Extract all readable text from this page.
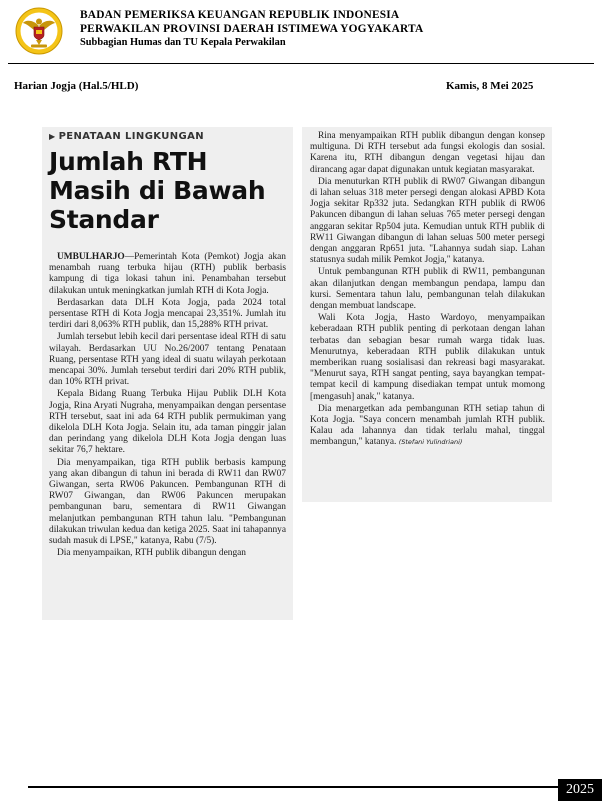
BADAN PEMERIKSA KEUANGAN REPUBLIK INDONESIA
PERWAKILAN PROVINSI DAERAH ISTIMEWA YOGYAKARTA
Subbagian Humas dan TU Kepala Perwakilan
Harian Jogja (Hal.5/HLD)	Kamis, 8 Mei 2025
▶ PENATAAN LINGKUNGAN
Jumlah RTH
Masih di Bawah
Standar

UMBULHARJO—Pemerintah Kota (Pemkot) Jogja akan menambah ruang terbuka hijau (RTH) publik berbasis kampung di tiga lokasi tahun ini. Penambahan tersebut dilakukan untuk meningkatkan jumlah RTH di Kota Jogja.

Berdasarkan data DLH Kota Jogja, pada 2024 total persentase RTH di Kota Jogja mencapai 23,351%. Jumlah itu terdiri dari 8,063% RTH publik, dan 15,288% RTH privat.

Jumlah tersebut lebih kecil dari persentase ideal RTH di satu wilayah. Berdasarkan UU No.26/2007 tentang Penataan Ruang, persentase RTH yang ideal di suatu wilayah perkotaan mencapai 30%. Jumlah tersebut terdiri dari 20% RTH publik, dan 10% RTH privat.

Kepala Bidang Ruang Terbuka Hijau Publik DLH Kota Jogja, Rina Aryati Nugraha, menyampaikan dengan persentase RTH tersebut, saat ini ada 64 RTH publik permukiman yang dikelola DLH Kota Jogja. Selain itu, ada taman pinggir jalan dan perindang yang dikelola DLH Kota Jogja dengan luas sekitar 76,7 hektare.

Dia menyampaikan, tiga RTH publik berbasis kampung yang akan dibangun di tahun ini berada di RW11 dan RW07 Giwangan, serta RW06 Pakuncen. Pembangunan RTH di RW07 Giwangan, dan RW06 Pakuncen merupakan pembangunan baru, sementara di RW11 Giwangan melanjutkan pembangunan RTH tahun lalu. "Pembangunan dilakukan triwulan kedua dan ketiga 2025. Saat ini tahapannya sudah masuk di LPSE," katanya, Rabu (7/5).

Dia menyampaikan, RTH publik dibangun dengan

Rina menyampaikan RTH publik dibangun dengan konsep multiguna. Di RTH tersebut ada fungsi ekologis dan sosial. Karena itu, RTH dibangun dengan vegetasi hijau dan dirancang agar dapat digunakan untuk kegiatan masyarakat.

Dia menuturkan RTH publik di RW07 Giwangan dibangun di lahan seluas 318 meter persegi dengan alokasi APBD Kota Jogja sekitar Rp332 juta. Sedangkan RTH publik di RW06 Pakuncen dibangun di lahan seluas 765 meter persegi dengan anggaran sekitar Rp504 juta. Kemudian untuk RTH publik di RW11 Giwangan dibangun di lahan seluas 500 meter persegi dengan anggaran Rp651 juta. "Lahannya sudah siap. Lahan statusnya sudah milik Pemkot Jogja," katanya.

Untuk pembangunan RTH publik di RW11, pembangunan akan dilanjutkan dengan membangun pendapa, lampu dan kursi. Sementara tahun lalu, pembangunan telah dilakukan dengan membuat landscape.

Wali Kota Jogja, Hasto Wardoyo, menyampaikan keberadaan RTH publik penting di perkotaan dengan lahan terbatas dan sebagian besar rumah warga tidak luas. Menurutnya, keberadaan RTH publik dilakukan untuk memberikan ruang sosialisasi dan rekreasi bagi masyarakat. "Menurut saya, RTH sangat penting, saya bayangkan tempat-tempat kecil di kampung disediakan tempat untuk momong [mengasuh] anak," katanya.

Dia menargetkan ada pembangunan RTH setiap tahun di Kota Jogja. "Saya concern menambah jumlah RTH publik. Kalau ada lahannya dan tidak terlalu mahal, tinggal membangun," katanya. (Stefani Yulindriani)

2025
